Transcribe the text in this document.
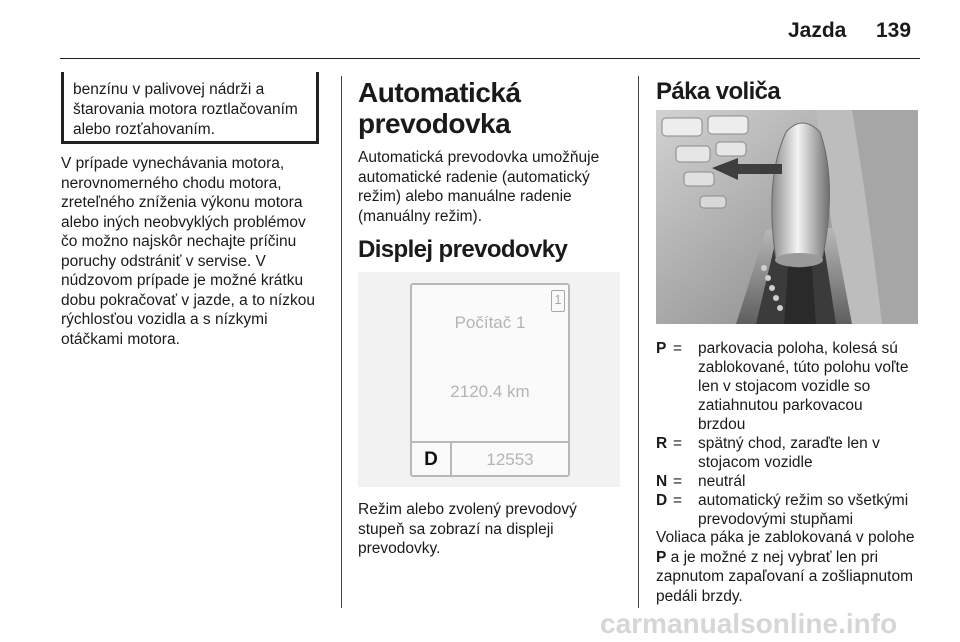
Jazda 139
benzínu v palivovej nádrži a
štarovania motora roztlačovaním
alebo rozťahovaním.
V prípade vynechávania motora,
nerovnomerného chodu motora,
zreteľného zníženia výkonu motora
alebo iných neobvyklých problémov
čo možno najskôr nechajte príčinu
poruchy odstrániť v servise. V
núdzovom prípade je možné krátku
dobu pokračovať v jazde, a to nízkou
rýchlosťou vozidla a s nízkymi
otáčkami motora.
Automatická
prevodovka
Automatická prevodovka umožňuje
automatické radenie (automatický
režim) alebo manuálne radenie
(manuálny režim).
Displej prevodovky
1
Počítač 1
2120.4 km
D	12553
Režim alebo zvolený prevodový
stupeň sa zobrazí na displeji
prevodovky.
Páka voliča
P =	parkovacia poloha, kolesá sú
zablokované, túto polohu voľte
len v stojacom vozidle so
zatiahnutou parkovacou
brzdou
R =	spätný chod, zaraďte len v
stojacom vozidle
N =	neutrál
D =	automatický režim so všetkými
prevodovými stupňami
Voliaca páka je zablokovaná v polohe
P a je možné z nej vybrať len pri
zapnutom zapaľovaní a zošliapnutom
pedáli brzdy.
carmanualsonline.info
